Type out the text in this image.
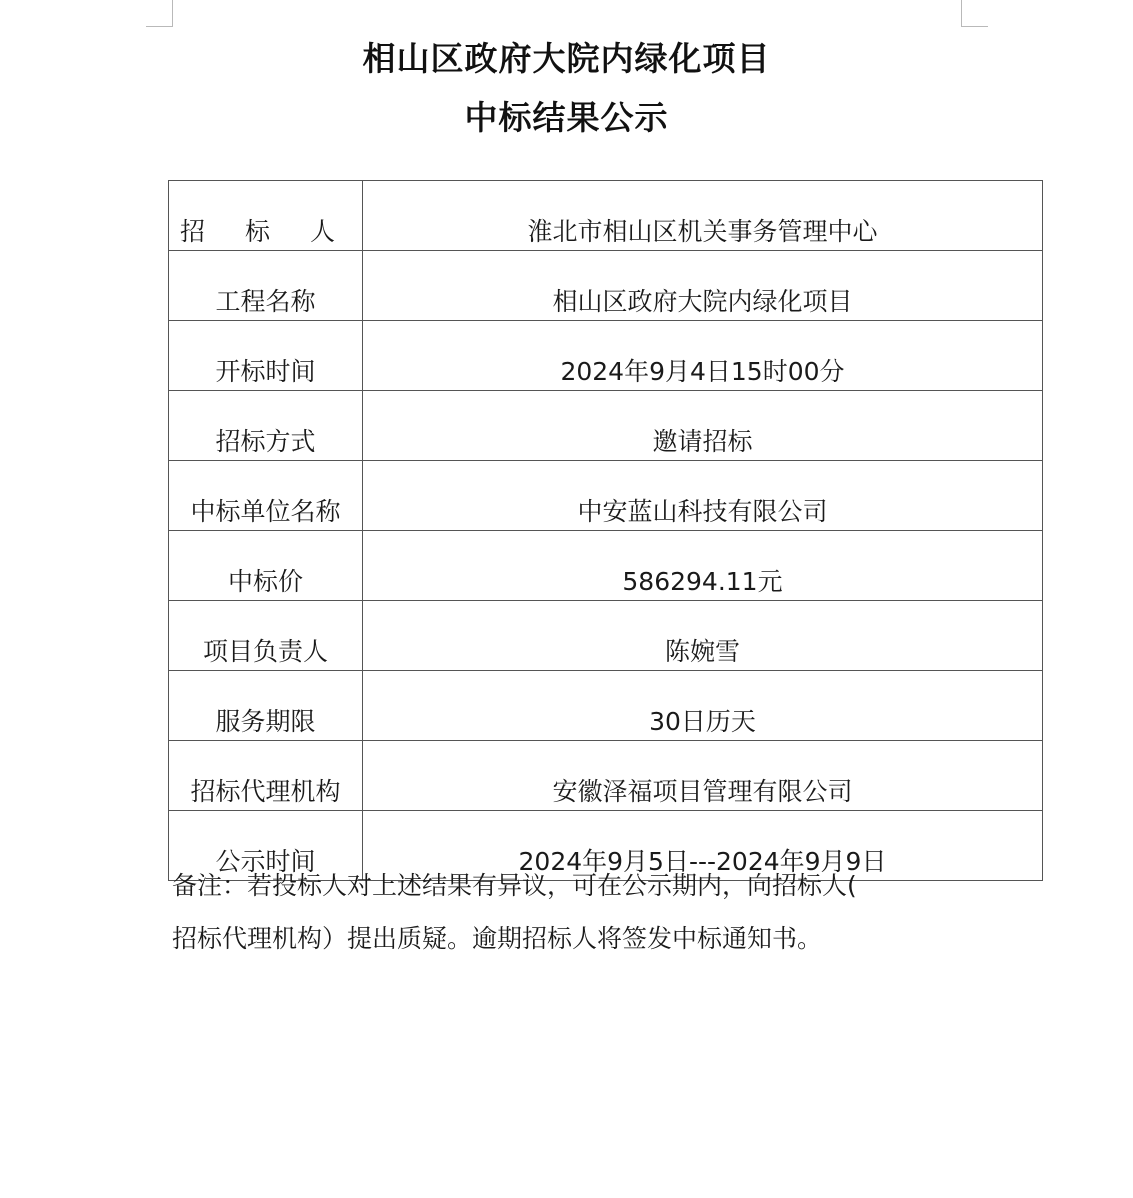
相山区政府大院内绿化项目
中标结果公示
招 标 人	淮北市相山区机关事务管理中心
工程名称	相山区政府大院内绿化项目
开标时间	2024年9月4日15时00分
招标方式	邀请招标
中标单位名称	中安蓝山科技有限公司
中标价	586294.11元
项目负责人	陈婉雪
服务期限	30日历天
招标代理机构	安徽泽福项目管理有限公司
公示时间	2024年9月5日---2024年9月9日

备注：若投标人对上述结果有异议，可在公示期内，向招标人(

招标代理机构）提出质疑。逾期招标人将签发中标通知书。
